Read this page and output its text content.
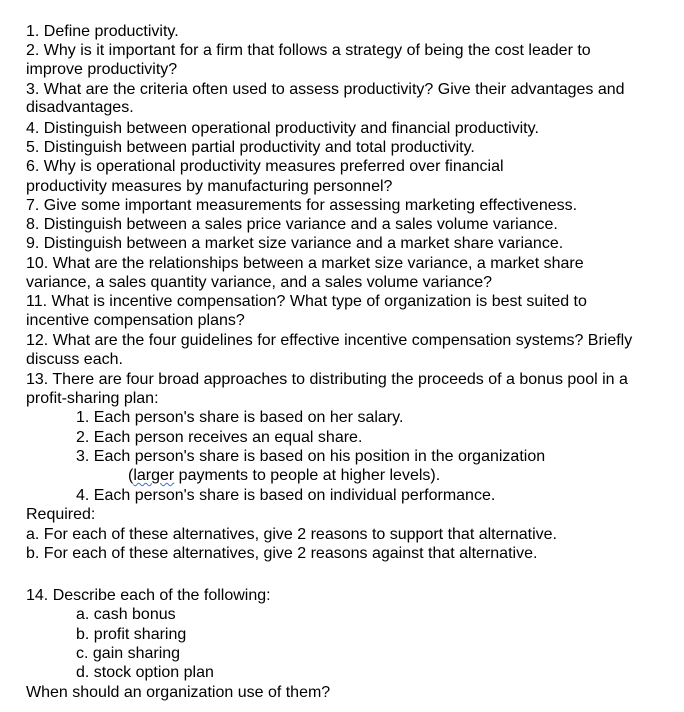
1. Define productivity.
2. Why is it important for a firm that follows a strategy of being the cost leader to
improve productivity?
3. What are the criteria often used to assess productivity? Give their advantages and
disadvantages.
4. Distinguish between operational productivity and financial productivity.
5. Distinguish between partial productivity and total productivity.
6. Why is operational productivity measures preferred over financial
productivity measures by manufacturing personnel?
7. Give some important measurements for assessing marketing effectiveness.
8. Distinguish between a sales price variance and a sales volume variance.
9. Distinguish between a market size variance and a market share variance.
10. What are the relationships between a market size variance, a market share
variance, a sales quantity variance, and a sales volume variance?
11. What is incentive compensation? What type of organization is best suited to
incentive compensation plans?
12. What are the four guidelines for effective incentive compensation systems? Briefly
discuss each.
13. There are four broad approaches to distributing the proceeds of a bonus pool in a
profit-sharing plan:
1. Each person's share is based on her salary.
2. Each person receives an equal share.
3. Each person's share is based on his position in the organization
(larger payments to people at higher levels).
4. Each person's share is based on individual performance.
Required:
a. For each of these alternatives, give 2 reasons to support that alternative.
b. For each of these alternatives, give 2 reasons against that alternative.
14. Describe each of the following:
a. cash bonus
b. profit sharing
c. gain sharing
d. stock option plan
When should an organization use of them?
